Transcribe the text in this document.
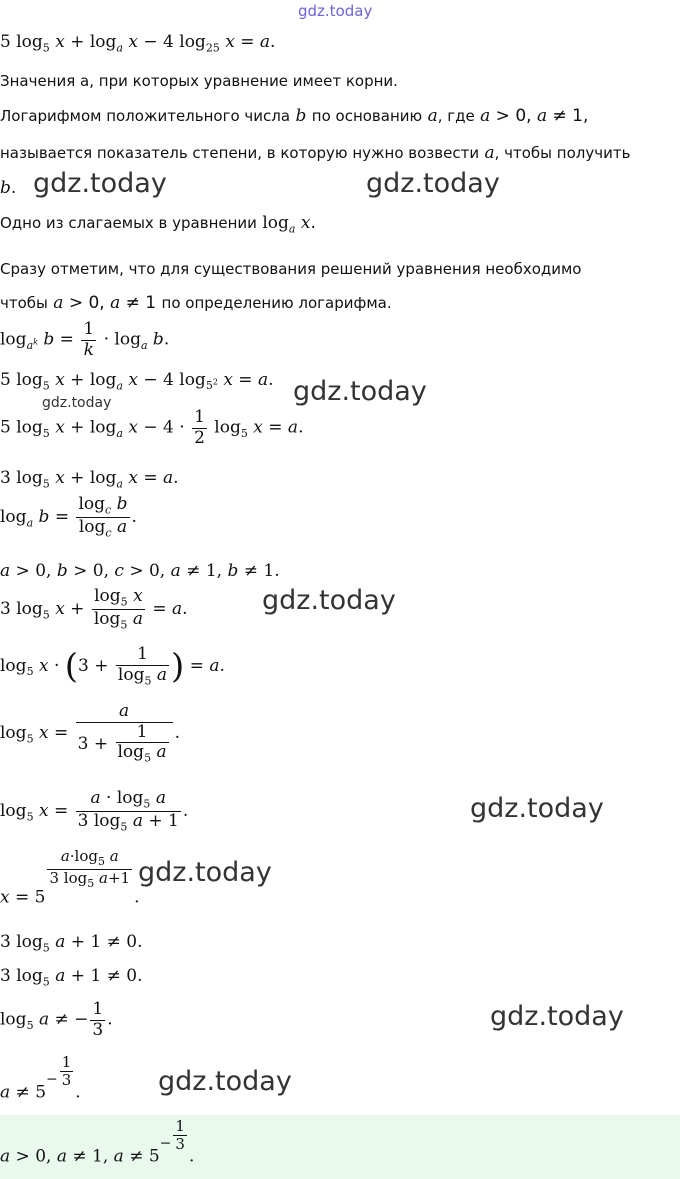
gdz.today
gdz.today	gdz.today
gdz.today
gdz.today
gdz.today
gdz.today
gdz.today
gdz.today
gdz.today
5 $\log_5 x + \log_a x - 4$ $\log_{25} x = a$.
Значения a, при которых уравнение имеет корни.
Логарифмом положительного числа b по основанию a, где a > 0, a ≠ 1,
называется показатель степени, в которую нужно возвести a, чтобы получить
b.
Одно из слагаемых в уравнении $\log_a x$.
Сразу отметим, что для существования решений уравнения необходимо
чтобы a > 0, a ≠ 1 по определению логарифма.
$\log_{a^k} b = \frac{1}{k} \cdot \log_a b$.
5 $\log_5 x + \log_a x - 4$ $\log_{5^2} x = a$.
5 $\log_5 x + \log_a x - 4 \cdot \frac{1}{2} \log_5 x = a$.
3 $\log_5 x + \log_a x = a$.
$\log_a b = \frac{\log_c b}{\log_c a}$ .
a > 0, b > 0, c > 0, a ≠ 1, b ≠ 1.
3 $\log_5 x + \frac{\log_5 x}{\log_5 a} = a$.
$\log_5 x \cdot (3 + \frac{1}{\log_5 a}$ ) = a.
$\log_5 x = \frac{a}{3 + \frac{1}{\log_5 a}}$ .
$\log_5 x = \frac{a \cdot \log_5 a}{3 \log_5 a + 1}$ .
x = 5
$\frac{a\cdot\log_5 a}{3 \log_5 a+1}$
.
3 $\log_5 a + 1 \ne 0$.
3 $\log_5 a + 1 \ne 0$.
$\log_5 a$ ≠ − $\frac{1}{3}$ .
$a \ne 5^- \frac{1}{3}$
.
a > 0, a ≠ 1, $a \ne 5^- \frac{1}{3}$
.
